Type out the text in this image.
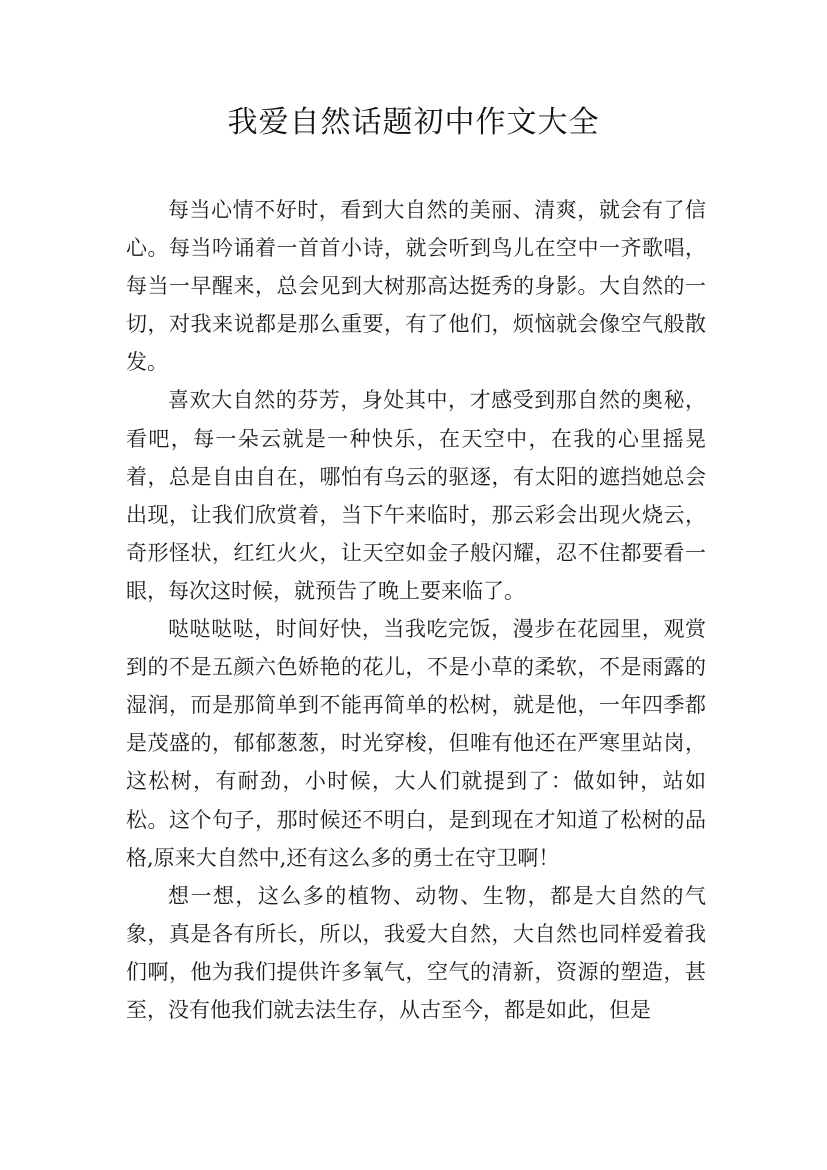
我爱自然话题初中作文大全

每当心情不好时，看到大自然的美丽、清爽，就会有了信心。每当吟诵着一首首小诗，就会听到鸟儿在空中一齐歌唱，每当一早醒来，总会见到大树那高达挺秀的身影。大自然的一切，对我来说都是那么重要，有了他们，烦恼就会像空气般散发。

喜欢大自然的芬芳，身处其中，才感受到那自然的奥秘，看吧，每一朵云就是一种快乐，在天空中，在我的心里摇晃着，总是自由自在，哪怕有乌云的驱逐，有太阳的遮挡她总会出现，让我们欣赏着，当下午来临时，那云彩会出现火烧云，奇形怪状，红红火火，让天空如金子般闪耀，忍不住都要看一眼，每次这时候，就预告了晚上要来临了。

哒哒哒哒，时间好快，当我吃完饭，漫步在花园里，观赏到的不是五颜六色娇艳的花儿，不是小草的柔软，不是雨露的湿润，而是那简单到不能再简单的松树，就是他，一年四季都是茂盛的，郁郁葱葱，时光穿梭，但唯有他还在严寒里站岗，这松树，有耐劲，小时候，大人们就提到了：做如钟，站如松。这个句子，那时候还不明白，是到现在才知道了松树的品格,原来大自然中,还有这么多的勇士在守卫啊！

想一想，这么多的植物、动物、生物，都是大自然的气象，真是各有所长，所以，我爱大自然，大自然也同样爱着我们啊，他为我们提供许多氧气，空气的清新，资源的塑造，甚至，没有他我们就去法生存，从古至今，都是如此，但是
